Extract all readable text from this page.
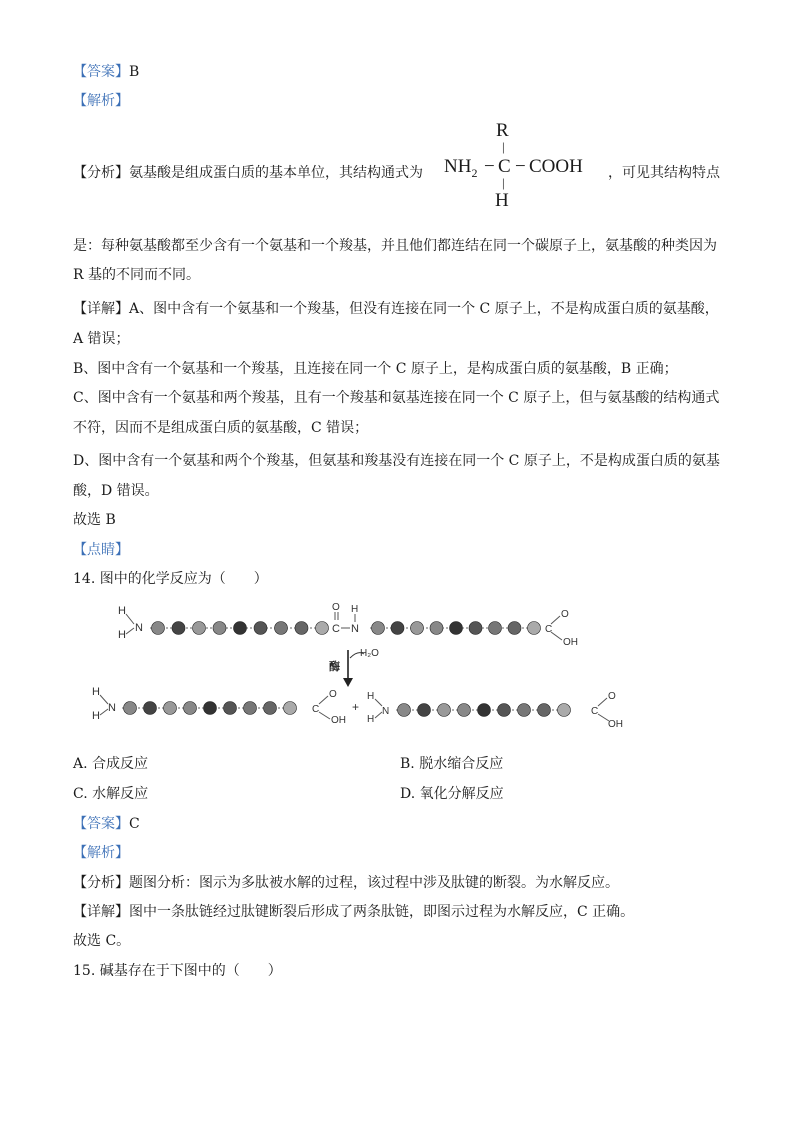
【答案】B
【解析】
【分析】氨基酸是组成蛋白质的基本单位，其结构通式为	，可见其结构特点
R
|
$NH_2 - C$ − COOH
|
H
是：每种氨基酸都至少含有一个氨基和一个羧基，并且他们都连结在同一个碳原子上，氨基酸的种类因为
R 基的不同而不同。
【详解】A、图中含有一个氨基和一个羧基，但没有连接在同一个 C 原子上，不是构成蛋白质的氨基酸，
A 错误；
B、图中含有一个氨基和一个羧基，且连接在同一个 C 原子上，是构成蛋白质的氨基酸，B 正确；
C、图中含有一个氨基和两个羧基，且有一个羧基和氨基连接在同一个 C 原子上，但与氨基酸的结构通式
不符，因而不是组成蛋白质的氨基酸，C 错误；
D、图中含有一个氨基和两个个羧基，但氨基和羧基没有连接在同一个 C 原子上，不是构成蛋白质的氨基
酸，D 错误。
故选 B
【点睛】
14. 图中的化学反应为（　　）
H
H
N
O
C N
H
C
O
OH
酶
H₂O
H
H
N	C
O
OH
+
H
H
N	C
O
OH
A. 合成反应	B. 脱水缩合反应
C. 水解反应	D. 氧化分解反应
【答案】C
【解析】
【分析】题图分析：图示为多肽被水解的过程，该过程中涉及肽键的断裂。为水解反应。
【详解】图中一条肽链经过肽键断裂后形成了两条肽链，即图示过程为水解反应，C 正确。
故选 C。
15. 碱基存在于下图中的（　　）
